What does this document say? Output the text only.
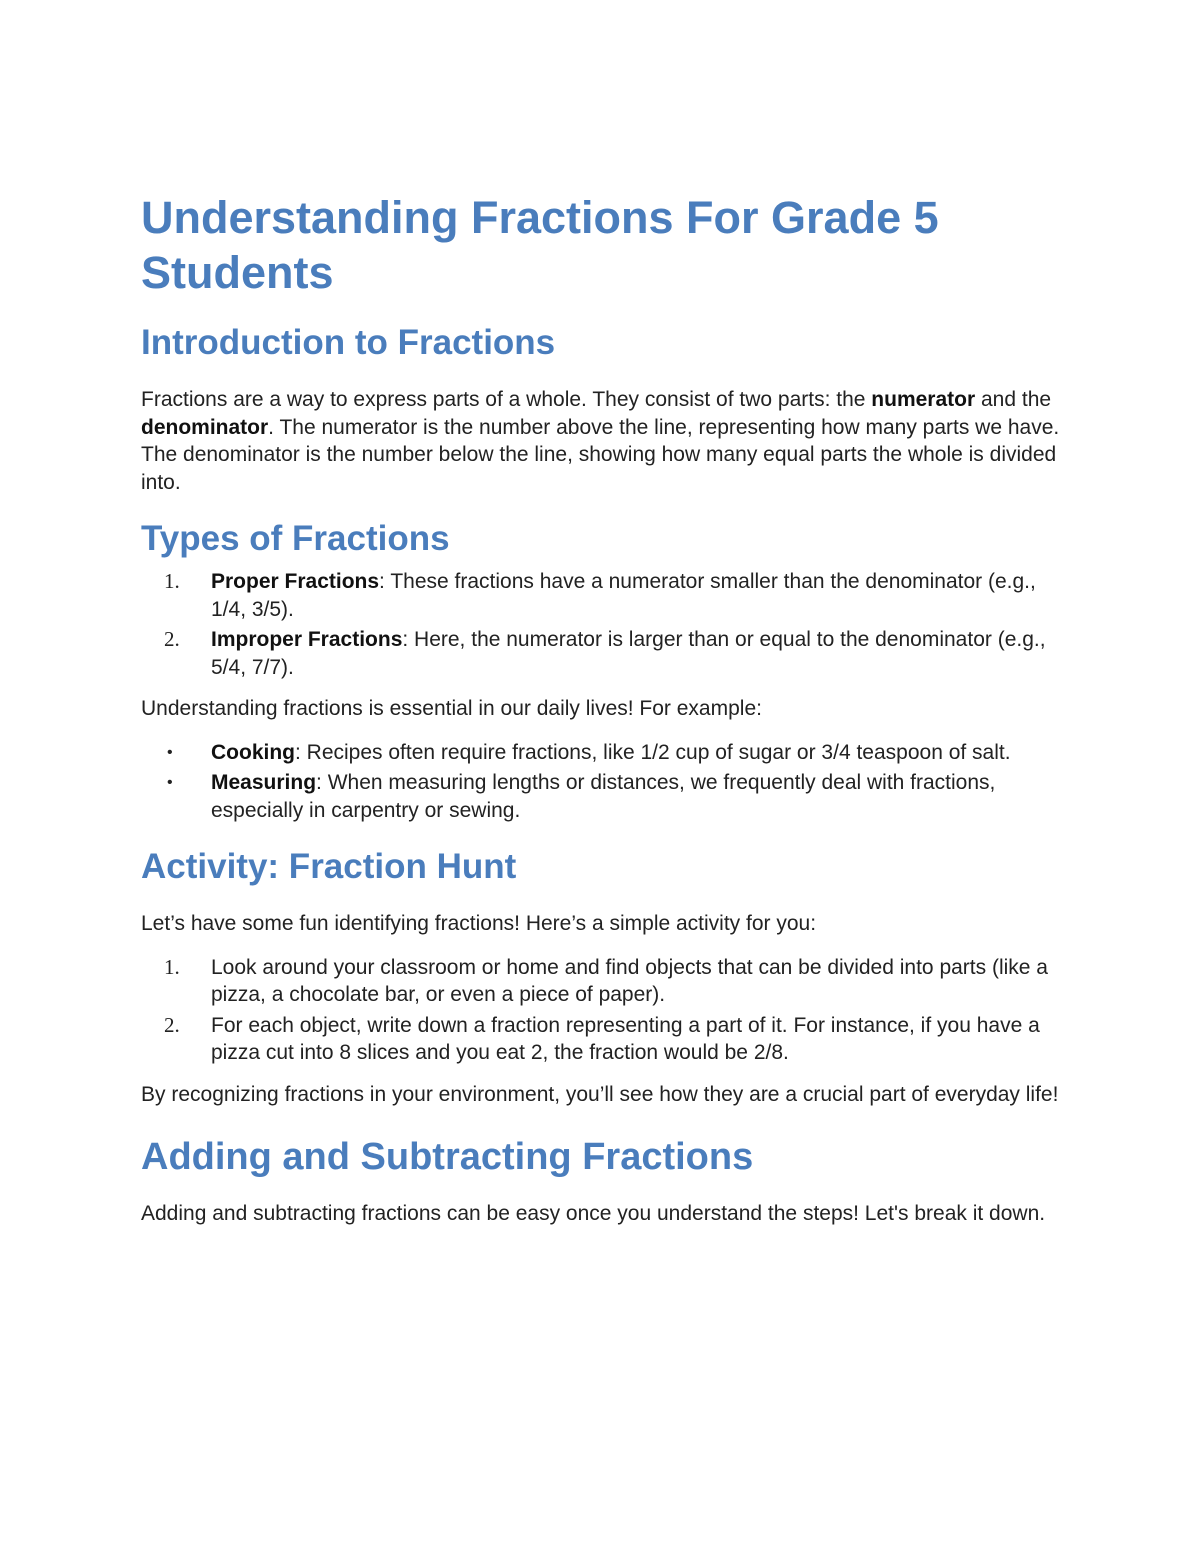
Understanding Fractions For Grade 5 Students
Introduction to Fractions

Fractions are a way to express parts of a whole. They consist of two parts: the numerator and the denominator. The numerator is the number above the line, representing how many parts we have. The denominator is the number below the line, showing how many equal parts the whole is divided into.

Types of Fractions
1. Proper Fractions: These fractions have a numerator smaller than the denominator (e.g., 1/4, 3/5).
2. Improper Fractions: Here, the numerator is larger than or equal to the denominator (e.g., 5/4, 7/7).

Understanding fractions is essential in our daily lives! For example:

• Cooking: Recipes often require fractions, like 1/2 cup of sugar or 3/4 teaspoon of salt.
• Measuring: When measuring lengths or distances, we frequently deal with fractions, especially in carpentry or sewing.
Activity: Fraction Hunt

Let’s have some fun identifying fractions! Here’s a simple activity for you:

1. Look around your classroom or home and find objects that can be divided into parts (like a pizza, a chocolate bar, or even a piece of paper).
2. For each object, write down a fraction representing a part of it. For instance, if you have a pizza cut into 8 slices and you eat 2, the fraction would be 2/8.

By recognizing fractions in your environment, you’ll see how they are a crucial part of everyday life!

Adding and Subtracting Fractions

Adding and subtracting fractions can be easy once you understand the steps! Let's break it down.
